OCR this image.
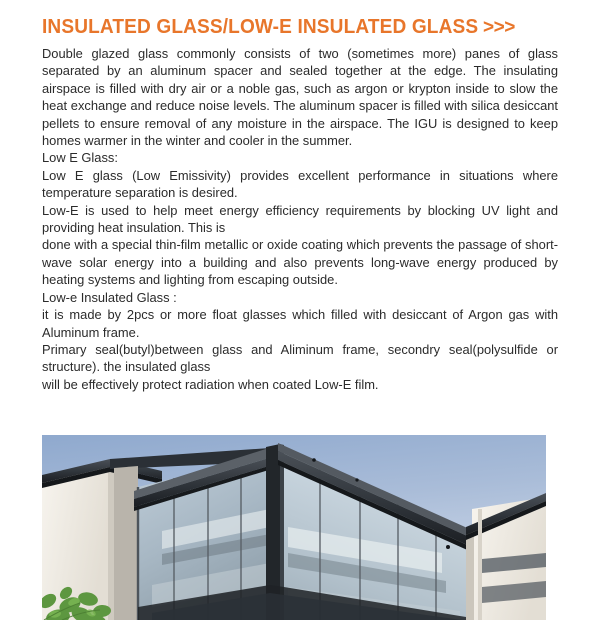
INSULATED GLASS/LOW-E INSULATED GLASS >>>

Double glazed glass commonly consists of two (sometimes more) panes of glass separated by an aluminum spacer and sealed together at the edge. The insulating airspace is filled with dry air or a noble gas, such as argon or krypton inside to slow the heat exchange and reduce noise levels. The aluminum spacer is filled with silica desiccant pellets to ensure removal of any moisture in the airspace. The IGU is designed to keep homes warmer in the winter and cooler in the summer.

Low E Glass:

Low E glass (Low Emissivity) provides excellent performance in situations where temperature separation is desired.

Low-E is used to help meet energy efficiency requirements by blocking UV light and providing heat insulation. This is

done with a special thin-film metallic or oxide coating which prevents the passage of short-wave solar energy into a building and also prevents long-wave energy produced by heating systems and lighting from escaping outside.

Low-e Insulated Glass :

it is made by 2pcs or more float glasses which filled with desiccant of Argon gas with Aluminum frame.

Primary seal(butyl)between glass and Aliminum frame, secondry seal(polysulfide or structure). the insulated glass

will be effectively protect radiation when coated Low-E film.
